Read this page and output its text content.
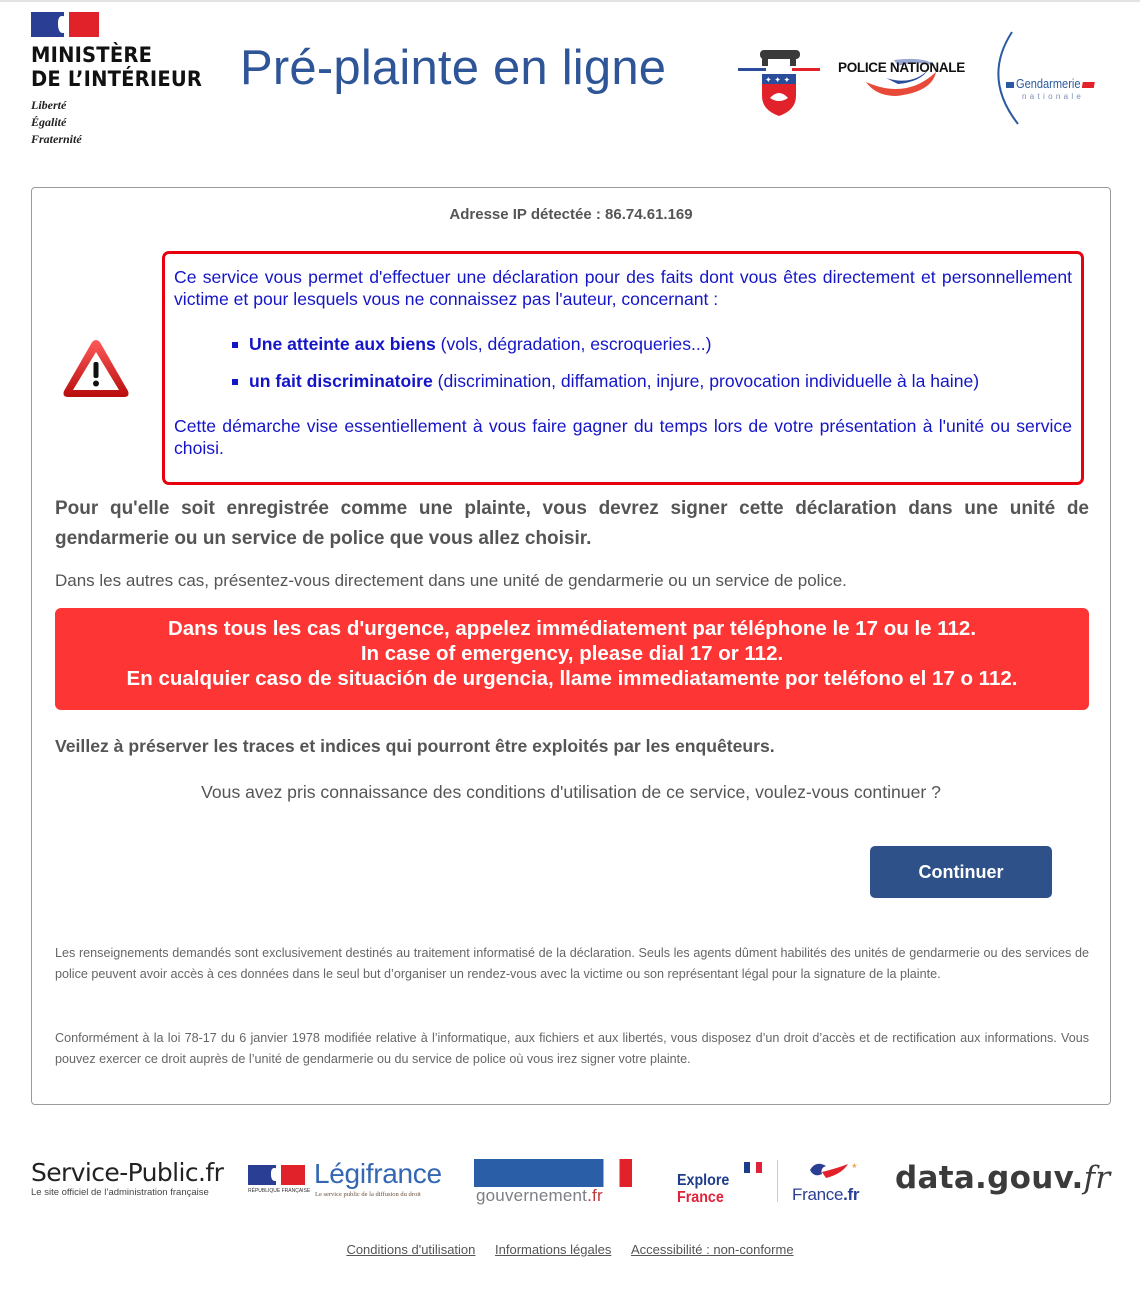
MINISTÈRE
DE L’INTÉRIEUR
Liberté
Égalité
Fraternité
Pré-plainte en ligne	✦ ✦ ✦
POLICE NATIONALE
Gendarmerie
nationale
Adresse IP détectée : 86.74.61.169

Ce service vous permet d'effectuer une déclaration pour des faits dont vous êtes directement et personnellement victime et pour lesquels vous ne connaissez pas l'auteur, concernant :

Une atteinte aux biens (vols, dégradation, escroqueries...)
un fait discriminatoire (discrimination, diffamation, injure, provocation individuelle à la haine)

Cette démarche vise essentiellement à vous faire gagner du temps lors de votre présentation à l'unité ou service choisi.

Pour qu'elle soit enregistrée comme une plainte, vous devrez signer cette déclaration dans une unité de gendarmerie ou un service de police que vous allez choisir.
Dans les autres cas, présentez-vous directement dans une unité de gendarmerie ou un service de police.
Dans tous les cas d'urgence, appelez immédiatement par téléphone le 17 ou le 112.
In case of emergency, please dial 17 or 112.
En cualquier caso de situación de urgencia, llame immediatamente por teléfono el 17 o 112.
Veillez à préserver les traces et indices qui pourront être exploités par les enquêteurs.
Vous avez pris connaissance des conditions d'utilisation de ce service, voulez-vous continuer ?
Continuer

Les renseignements demandés sont exclusivement destinés au traitement informatisé de la déclaration. Seuls les agents dûment habilités des unités de gendarmerie ou des services de police peuvent avoir accès à ces données dans le seul but d’organiser un rendez-vous avec la victime ou son représentant légal pour la signature de la plainte.

Conformément à la loi 78-17 du 6 janvier 1978 modifiée relative à l’informatique, aux fichiers et aux libertés, vous disposez d’un droit d’accès et de rectification aux informations. Vous pouvez exercer ce droit auprès de l’unité de gendarmerie ou du service de police où vous irez signer votre plainte.

Service-Public.fr
Le site officiel de l’administration française	RÉPUBLIQUE FRANÇAISE
Légifrance
Le service public de la diffusion du droit	gouvernement.fr
Explore
France
*
France.fr data.gouv.fr
Conditions d'utilisation Informations légales Accessibilité : non-conforme
